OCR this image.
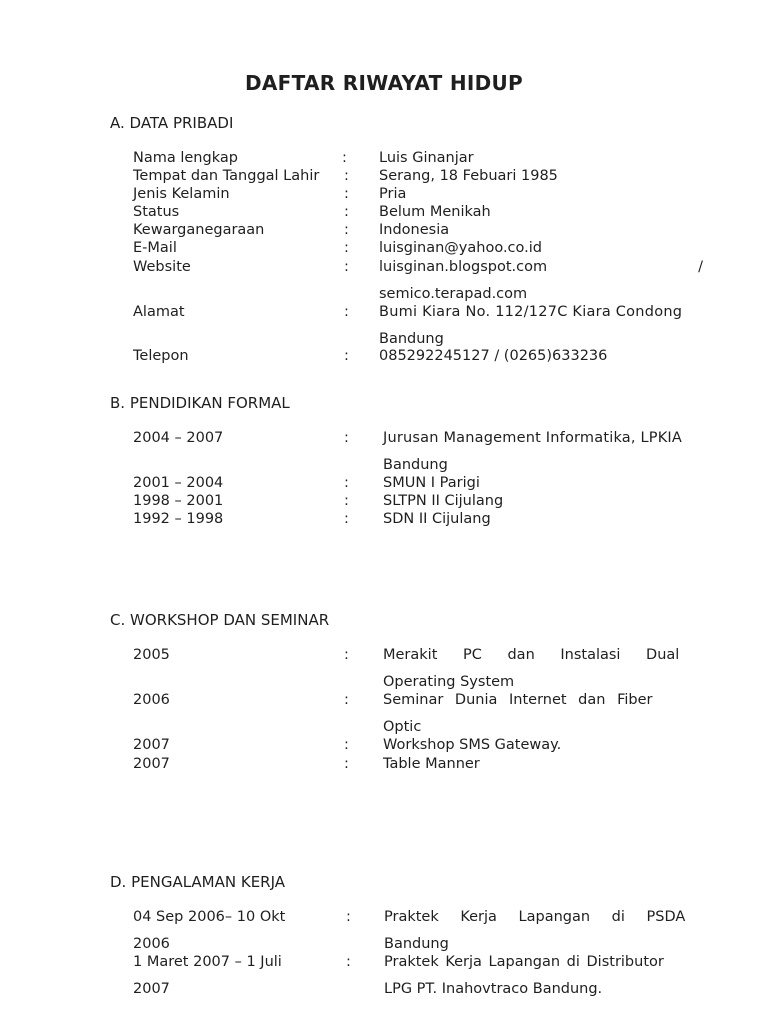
DAFTAR RIWAYAT HIDUP
A. DATA PRIBADI
Nama lengkap	: Luis Ginanjar
Tempat dan Tanggal Lahir : Serang, 18 Febuari 1985
Jenis Kelamin	: Pria
Status	: Belum Menikah
Kewarganegaraan	: Indonesia
E-Mail	: luisginan@yahoo.co.id
Website	: luisginan.blogspot.com	/
semico.terapad.com
Alamat	: Bumi Kiara No. 112/127C Kiara Condong
Bandung
Telepon	: 085292245127 / (0265)633236
B. PENDIDIKAN FORMAL
2004 – 2007	: Jurusan Management Informatika, LPKIA
Bandung
2001 – 2004	: SMUN I Parigi
1998 – 2001	: SLTPN II Cijulang
1992 – 1998	: SDN II Cijulang
C. WORKSHOP DAN SEMINAR
2005	: Merakit PC dan Instalasi Dual
Operating System
2006	: Seminar Dunia Internet dan Fiber
Optic
2007	: Workshop SMS Gateway.
2007	: Table Manner
D. PENGALAMAN KERJA
04 Sep 2006– 10 Okt	: Praktek Kerja Lapangan di PSDA
2006	Bandung
1 Maret 2007 – 1 Juli	: Praktek Kerja Lapangan di Distributor
2007	LPG PT. Inahovtraco Bandung.
